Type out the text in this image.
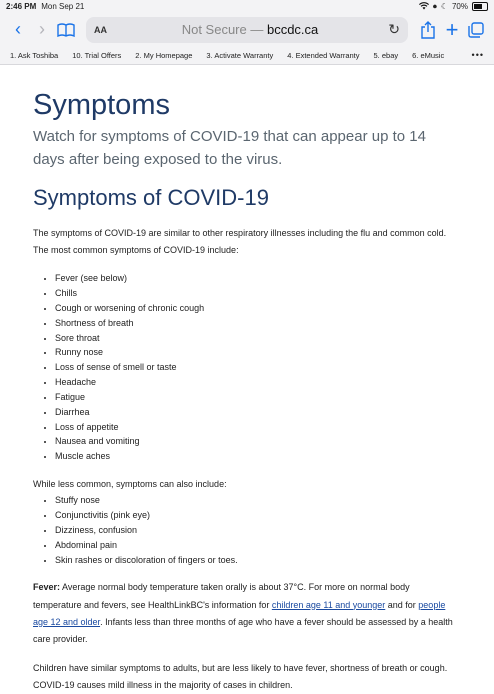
2:46 PM Mon Sep 21	⏺ ☾ 70%
‹ ›	AA	Not Secure — bccdc.ca	↻ +
1. Ask Toshiba 10. Trial Offers 2. My Homepage 3. Activate Warranty 4. Extended Warranty 5. ebay 6. eMusic	•••
Symptoms
Watch for symptoms of COVID-19 that can appear up to 14 days after being exposed to the virus.
Symptoms of COVID-19

The symptoms of COVID-19 are similar to other respiratory illnesses including the flu and common cold. The most common symptoms of COVID-19 include:

• Fever (see below)
• Chills
• Cough or worsening of chronic cough
• Shortness of breath
• Sore throat
• Runny nose
• Loss of sense of smell or taste
• Headache
• Fatigue
• Diarrhea
• Loss of appetite
• Nausea and vomiting
• Muscle aches

While less common, symptoms can also include:

• Stuffy nose
• Conjunctivitis (pink eye)
• Dizziness, confusion
• Abdominal pain
• Skin rashes or discoloration of fingers or toes.

Fever: Average normal body temperature taken orally is about 37°C. For more on normal body temperature and fevers, see HealthLinkBC's information for children age 11 and younger and for people age 12 and older. Infants less than three months of age who have a fever should be assessed by a health care provider.

Children have similar symptoms to adults, but are less likely to have fever, shortness of breath or cough. COVID-19 causes mild illness in the majority of cases in children.
